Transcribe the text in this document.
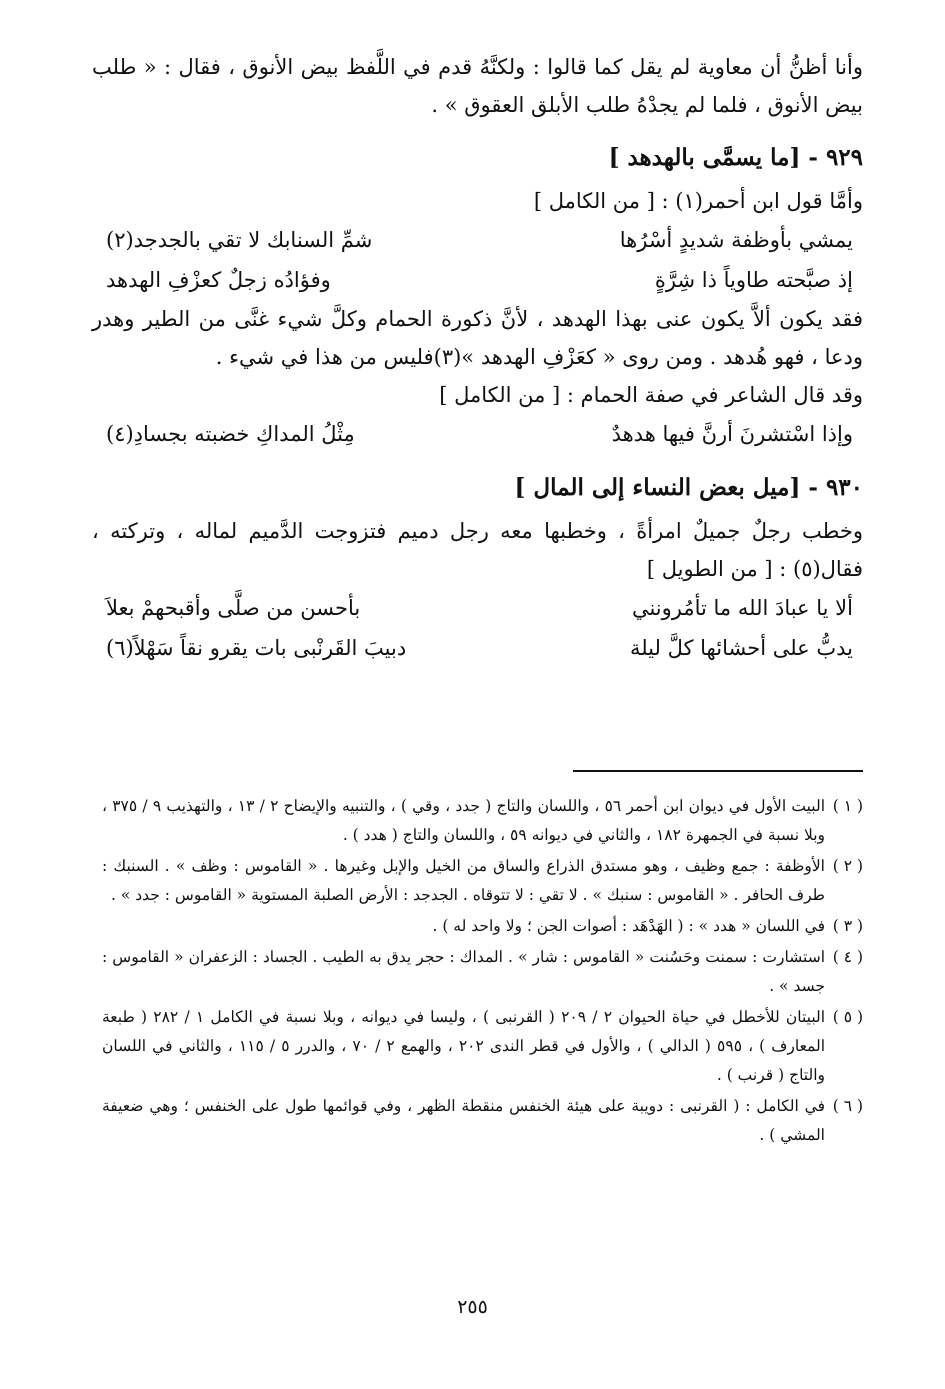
وأنا أظنُّ أن معاوية لم يقل كما قالوا : ولكنَّهُ قدم في اللَّفظ بيض الأنوق ، فقال : « طلب بيض الأنوق ، فلما لم يجدْهُ طلب الأبلق العقوق » .

٩٢٩ - [ما يسمَّى بالهدهد ]

وأمَّا قول ابن أحمر(١) : [ من الكامل ]

يمشي بأوظفة شديدٍ أسْرُها
شمِّ السنابك لا تقي بالجدجد(٢)
إذ صبَّحته طاوياً ذا شِرَّةٍ
وفؤادُه زجلٌ كعزْفِ الهدهد

فقد يكون ألاَّ يكون عنى بهذا الهدهد ، لأنَّ ذكورة الحمام وكلَّ شيء غنَّى من الطير وهدر ودعا ، فهو هُدهد . ومن روى « كعَزْفِ الهدهد »(٣)فليس من هذا في شيء .

وقد قال الشاعر في صفة الحمام : [ من الكامل ]

وإذا اسْتشرنَ أرنَّ فيها هدهدٌ
مِثْلُ المداكِ خضبته بجسادِ(٤)
٩٣٠ - [ميل بعض النساء إلى المال ]

وخطب رجلٌ جميلٌ امرأةً ، وخطبها معه رجل دميم فتزوجت الدَّميم لماله ، وتركته ، فقال(٥) : [ من الطويل ]

ألا يا عبادَ الله ما تأمُرونني
بأحسن من صلَّى وأقبحهمْ بعلاَ
يدبُّ على أحشائها كلَّ ليلة
دبيبَ القَرنْبى بات يقرو نقاً سَهْلاً(٦)
( ١ )
البيت الأول في ديوان ابن أحمر ٥٦ ، واللسان والتاج ( جدد ، وقي ) ، والتنبيه والإيضاح ٢ / ١٣ ، والتهذيب ٩ / ٣٧٥ ، وبلا نسبة في الجمهرة ١٨٢ ، والثاني في ديوانه ٥٩ ، واللسان والتاج ( هدد ) .
( ٢ )
الأوظفة : جمع وظيف ، وهو مستدق الذراع والساق من الخيل والإبل وغيرها . « القاموس : وظف » . السنبك : طرف الحافر . « القاموس : سنبك » . لا تقي : لا تتوقاه . الجدجد : الأرض الصلبة المستوية « القاموس : جدد » .
( ٣ )
في اللسان « هدد » : ( الهَدْهَد : أصوات الجن ؛ ولا واحد له ) .
( ٤ )
استشارت : سمنت وحَسُنت « القاموس : شار » . المداك : حجر يدق به الطيب . الجساد : الزعفران « القاموس : جسد » .
( ٥ )
البيتان للأخطل في حياة الحيوان ٢ / ٢٠٩ ( القرنبى ) ، وليسا في ديوانه ، وبلا نسبة في الكامل ١ / ٢٨٢ ( طبعة المعارف ) ، ٥٩٥ ( الدالي ) ، والأول في قطر الندى ٢٠٢ ، والهمع ٢ / ٧٠ ، والدرر ٥ / ١١٥ ، والثاني في اللسان والتاج ( قرنب ) .
( ٦ )
في الكامل : ( القرنبى : دويبة على هيئة الخنفس منقطة الظهر ، وفي قوائمها طول على الخنفس ؛ وهي ضعيفة المشي ) .
٢٥٥
